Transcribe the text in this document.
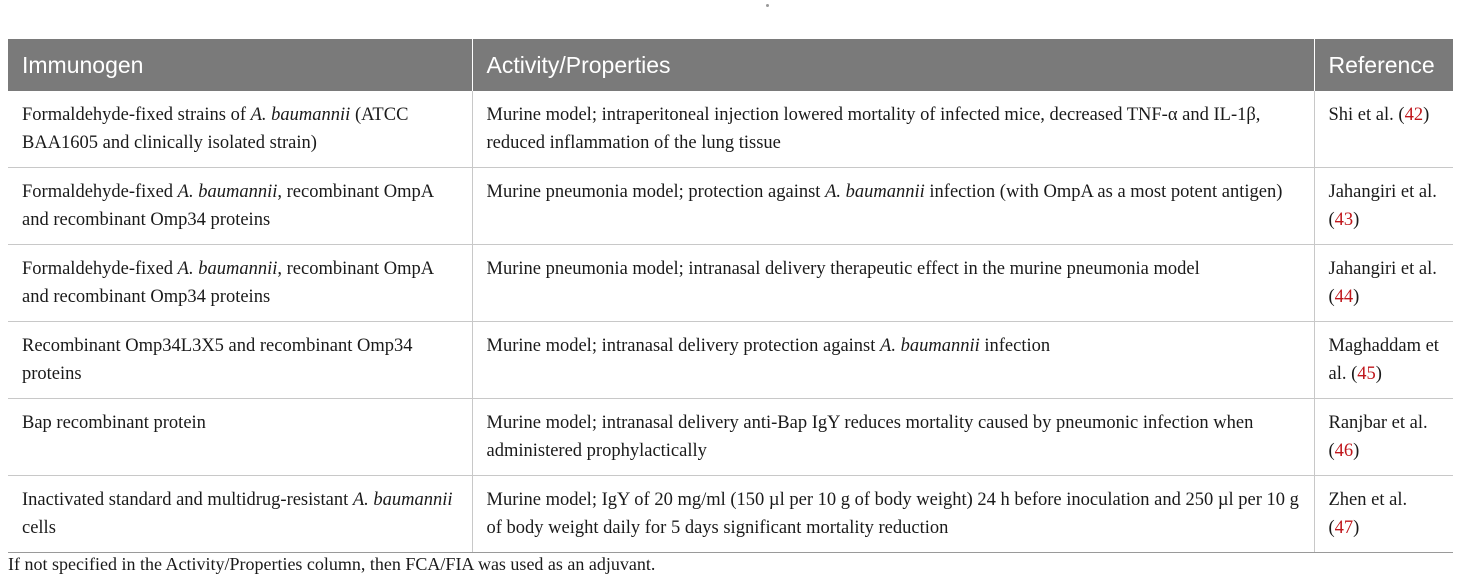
Immunogen	Activity/Properties	Reference
Formaldehyde-fixed strains of A. baumannii (ATCC BAA1605 and clinically isolated strain)	Murine model; intraperitoneal injection lowered mortality of infected mice, decreased TNF-α and IL-1β, reduced inflammation of the lung tissue	Shi et al. (42)
Formaldehyde-fixed A. baumannii, recombinant OmpA and recombinant Omp34 proteins	Murine pneumonia model; protection against A. baumannii infection (with OmpA as a most potent antigen)	Jahangiri et al. (43)
Formaldehyde-fixed A. baumannii, recombinant OmpA and recombinant Omp34 proteins	Murine pneumonia model; intranasal delivery therapeutic effect in the murine pneumonia model	Jahangiri et al. (44)
Recombinant Omp34L3X5 and recombinant Omp34 proteins	Murine model; intranasal delivery protection against A. baumannii infection	Maghaddam et al. (45)
Bap recombinant protein	Murine model; intranasal delivery anti-Bap IgY reduces mortality caused by pneumonic infection when administered prophylactically	Ranjbar et al. (46)
Inactivated standard and multidrug-resistant A. baumannii cells	Murine model; IgY of 20 mg/ml (150 µl per 10 g of body weight) 24 h before inoculation and 250 µl per 10 g of body weight daily for 5 days significant mortality reduction	Zhen et al. (47)
If not specified in the Activity/Properties column, then FCA/FIA was used as an adjuvant.
